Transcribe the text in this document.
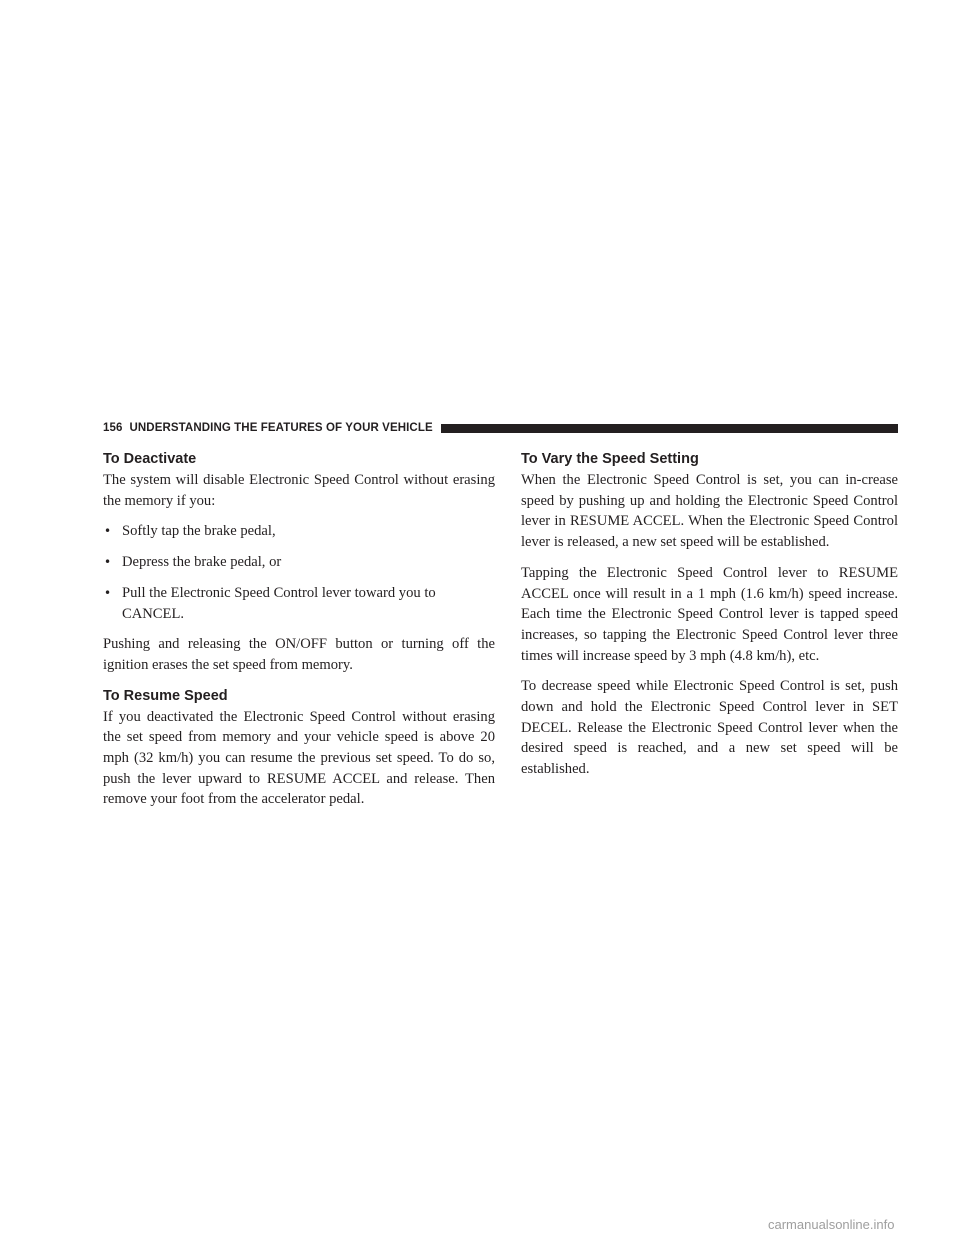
156 UNDERSTANDING THE FEATURES OF YOUR VEHICLE
To Deactivate

The system will disable Electronic Speed Control without erasing the memory if you:

• Softly tap the brake pedal,
• Depress the brake pedal, or
• Pull the Electronic Speed Control lever toward you to CANCEL.

Pushing and releasing the ON/OFF button or turning off the ignition erases the set speed from memory.

To Resume Speed

If you deactivated the Electronic Speed Control without erasing the set speed from memory and your vehicle speed is above 20 mph (32 km/h) you can resume the previous set speed. To do so, push the lever upward to RESUME ACCEL and release. Then remove your foot from the accelerator pedal.

To Vary the Speed Setting

When the Electronic Speed Control is set, you can in-crease speed by pushing up and holding the Electronic Speed Control lever in RESUME ACCEL. When the Electronic Speed Control lever is released, a new set speed will be established.

Tapping the Electronic Speed Control lever to RESUME ACCEL once will result in a 1 mph (1.6 km/h) speed increase. Each time the Electronic Speed Control lever is tapped speed increases, so tapping the Electronic Speed Control lever three times will increase speed by 3 mph (4.8 km/h), etc.

To decrease speed while Electronic Speed Control is set, push down and hold the Electronic Speed Control lever in SET DECEL. Release the Electronic Speed Control lever when the desired speed is reached, and a new set speed will be established.

carmanualsonline.info
